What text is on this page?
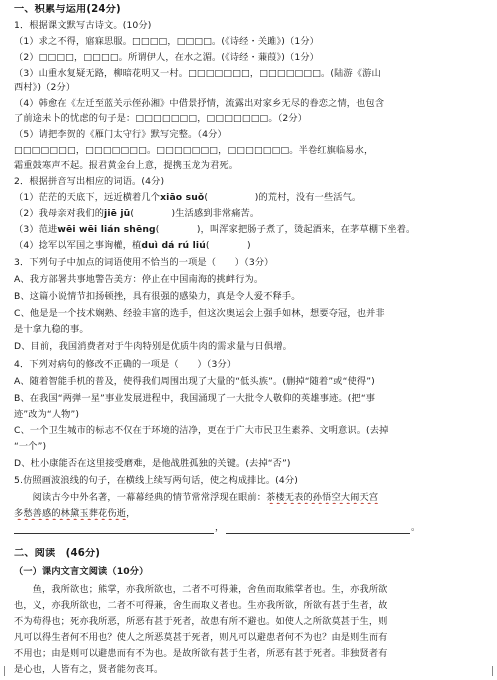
一、积累与运用(24分)
1．根据课文默写古诗文。(10分)
（1）求之不得，寤寐思服。□□□□，□□□□。(《诗经・关雎》)（1分）
（2）□□□□，□□□□。所谓伊人，在水之湄。(《诗经・蒹葭》)（1分）
（3）山重水复疑无路，柳暗花明又一村。□□□□□□□，□□□□□□□。(陆游《游山
西村》)（2分）
（4）韩愈在《左迁至蓝关示侄孙湘》中借景抒情，流露出对家乡无尽的眷恋之情，也包含
了前途未卜的忧虑的句子是：□□□□□□□，□□□□□□□。（2分）
（5）请把李贺的《雁门太守行》默写完整。（4分）
□□□□□□□，□□□□□□□。□□□□□□□，□□□□□□□。半卷红旗临易水，
霜重鼓寒声不起。报君黄金台上意，提携玉龙为君死。
2．根据拼音写出相应的词语。(4分)
（1）茫茫的天底下，远近横着几个xiāo suǒ(　　　　　)的荒村，没有一些活气。
（2）我母亲对我们的jiē jū(　　　　)生活感到非常痛苦。
（3）范进wēi wēi lián shēng(　　　　)，叫浑家把肠子煮了，烫起酒来，在茅草棚下坐着。
（4）捻军以军国之事询權，植duì dá rú liú(　　　　)
3．下列句子中加点的词语使用不恰当的一项是（　　）（3分）
A、我方部署共事地警告美方：停止在中国南海的挑衅行为。
B、这篇小说情节扣扬顿挫，具有很强的感染力，真是令人爱不释手。
C、他是是一个技术娴熟、经验丰富的选手，但这次奥运会上强手如林，想要夺冠，也并非
是十拿九稳的事。
D、目前，我国消费者对于牛肉特别是优质牛肉的需求量与日俱增。
4．下列对病句的修改不正确的一项是（　　）（3分）
A、随着智能手机的普及，使得我们周围出现了大量的“低头族”。(删掉“随着”或“使得”)
B、在我国“两弹一星”事业发展进程中，我国涌现了一大批令人敬仰的英雄事迹。(把“事
迹”改为“人物”)
C、一个卫生城市的标志不仅在于环境的洁净，更在于广大市民卫生素养、文明意识。(去掉
“一个”)
D、杜小康能否在这里接受磨难，是他战胜孤独的关键。(去掉“否”)
5.仿照画波浪线的句子，在横线上续写两句话，使之构成排比。(4分)
　　阅读古今中外名著，一幕幕经典的情节常常浮现在眼前：茶楼无表的孙悟空大闹天宫
多愁善感的林黛玉葬花伤逝，
，	。
二、阅读　(46分)
（一）课内文言文阅读（10分）
　　鱼，我所欲也；熊掌，亦我所欲也，二者不可得兼，舍鱼而取熊掌者也。生，亦我所欲
也，义，亦我所欲也，二者不可得兼，舍生而取义者也。生亦我所欲，所欲有甚于生者，故
不为苟得也；死亦我所恶，所恶有甚于死者，故患有所不避也。如使人之所欲莫甚于生，则
凡可以得生者何不用也？使人之所恶莫甚于死者，则凡可以避患者何不为也？由是则生而有
不用也；由是则可以避患而有不为也。是故所欲有甚于生者，所恶有甚于死者。非独贤者有
是心也，人皆有之，贤者能勿丧耳。
